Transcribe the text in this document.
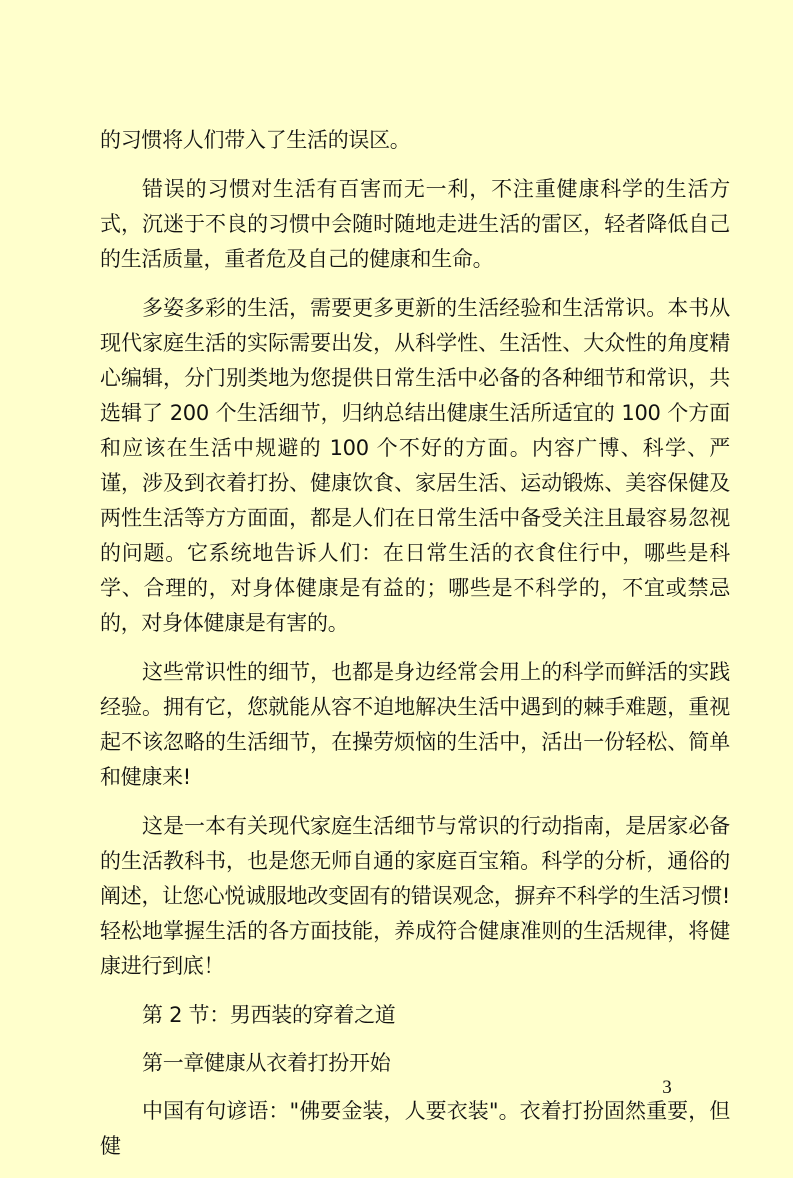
的习惯将人们带入了生活的误区。

错误的习惯对生活有百害而无一利，不注重健康科学的生活方式，沉迷于不良的习惯中会随时随地走进生活的雷区，轻者降低自己的生活质量，重者危及自己的健康和生命。

多姿多彩的生活，需要更多更新的生活经验和生活常识。本书从现代家庭生活的实际需要出发，从科学性、生活性、大众性的角度精心编辑，分门别类地为您提供日常生活中必备的各种细节和常识，共选辑了 200 个生活细节，归纳总结出健康生活所适宜的 100 个方面和应该在生活中规避的 100 个不好的方面。内容广博、科学、严谨，涉及到衣着打扮、健康饮食、家居生活、运动锻炼、美容保健及两性生活等方方面面，都是人们在日常生活中备受关注且最容易忽视的问题。它系统地告诉人们：在日常生活的衣食住行中，哪些是科学、合理的，对身体健康是有益的；哪些是不科学的，不宜或禁忌的，对身体健康是有害的。

这些常识性的细节，也都是身边经常会用上的科学而鲜活的实践经验。拥有它，您就能从容不迫地解决生活中遇到的棘手难题，重视起不该忽略的生活细节，在操劳烦恼的生活中，活出一份轻松、简单和健康来!

这是一本有关现代家庭生活细节与常识的行动指南，是居家必备的生活教科书，也是您无师自通的家庭百宝箱。科学的分析，通俗的阐述，让您心悦诚服地改变固有的错误观念，摒弃不科学的生活习惯!轻松地掌握生活的各方面技能，养成符合健康准则的生活规律，将健康进行到底！

第 2 节：男西装的穿着之道

第一章健康从衣着打扮开始

中国有句谚语："佛要金装，人要衣装"。衣着打扮固然重要，但健

3
